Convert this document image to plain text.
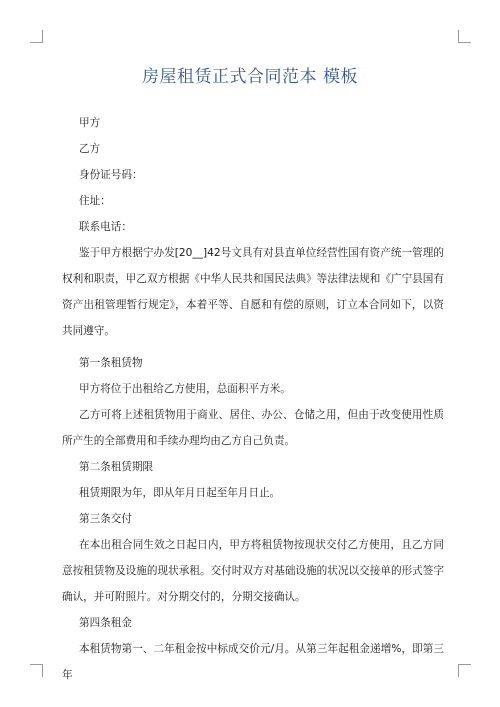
房屋租赁正式合同范本 模板

甲方

乙方

身份证号码：

住址：

联系电话：

鉴于甲方根据宁办发[20__]42号文具有对县直单位经营性国有资产统一管理的权利和职责，甲乙双方根据《中华人民共和国民法典》等法律法规和《广宁县国有资产出租管理暂行规定》，本着平等、自愿和有偿的原则，订立本合同如下，以资共同遵守。

第一条租赁物

甲方将位于出租给乙方使用，总面积平方米。

乙方可将上述租赁物用于商业、居住、办公、仓储之用，但由于改变使用性质所产生的全部费用和手续办理均由乙方自己负责。

第二条租赁期限

租赁期限为年，即从年月日起至年月日止。

第三条交付

在本出租合同生效之日起日内，甲方将租赁物按现状交付乙方使用，且乙方同意按租赁物及设施的现状承租。交付时双方对基础设施的状况以交接单的形式签字确认，并可附照片。对分期交付的，分期交接确认。

第四条租金

本租赁物第一、二年租金按中标成交价元/月。从第三年起租金递增%，即第三年
